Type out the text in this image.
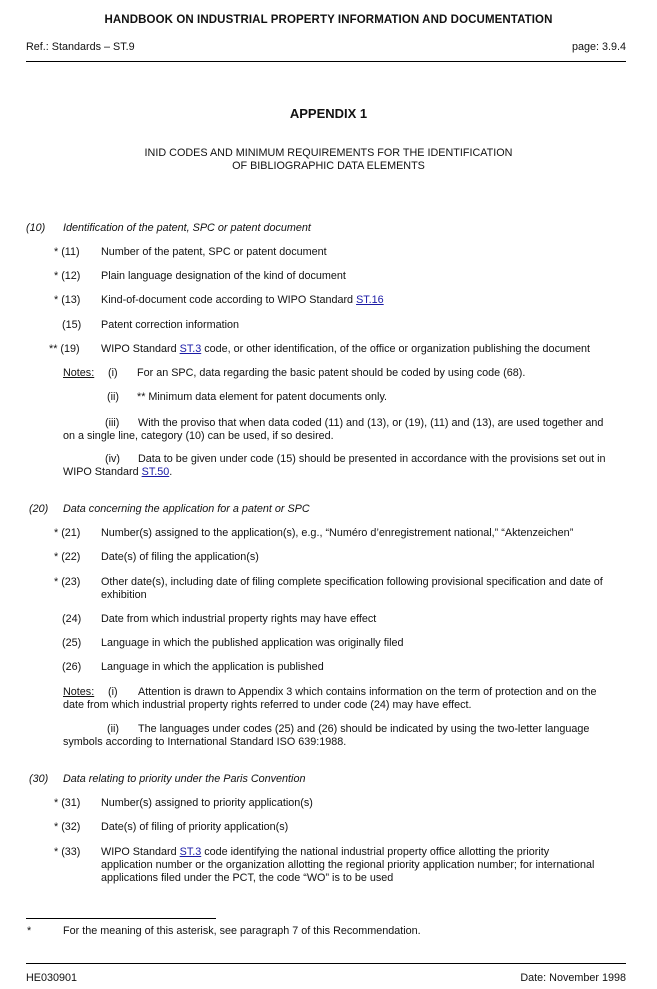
HANDBOOK ON INDUSTRIAL PROPERTY INFORMATION AND DOCUMENTATION
Ref.: Standards – ST.9	page: 3.9.4
APPENDIX 1
INID CODES AND MINIMUM REQUIREMENTS FOR THE IDENTIFICATION
OF BIBLIOGRAPHIC DATA ELEMENTS
(10) Identification of the patent, SPC or patent document
* (11) Number of the patent, SPC or patent document
* (12) Plain language designation of the kind of document
* (13) Kind-of-document code according to WIPO Standard ST.16
(15) Patent correction information
** (19) WIPO Standard ST.3 code, or other identification, of the office or organization publishing the document
Notes: (i) For an SPC, data regarding the basic patent should be coded by using code (68).
(ii) ** Minimum data element for patent documents only.
(iii) With the proviso that when data coded (11) and (13), or (19), (11) and (13), are used together and
on a single line, category (10) can be used, if so desired.
(iv) Data to be given under code (15) should be presented in accordance with the provisions set out in
WIPO Standard ST.50.
(20) Data concerning the application for a patent or SPC
* (21) Number(s) assigned to the application(s), e.g., “Numéro d’enregistrement national,” “Aktenzeichen”
* (22) Date(s) of filing the application(s)
* (23) Other date(s), including date of filing complete specification following provisional specification and date of
exhibition
(24) Date from which industrial property rights may have effect
(25) Language in which the published application was originally filed
(26) Language in which the application is published
Notes: (i) Attention is drawn to Appendix 3 which contains information on the term of protection and on the
date from which industrial property rights referred to under code (24) may have effect.
(ii) The languages under codes (25) and (26) should be indicated by using the two-letter language
symbols according to International Standard ISO 639:1988.
(30) Data relating to priority under the Paris Convention
* (31) Number(s) assigned to priority application(s)
* (32) Date(s) of filing of priority application(s)
* (33) WIPO Standard ST.3 code identifying the national industrial property office allotting the priority
application number or the organization allotting the regional priority application number; for international
applications filed under the PCT, the code “WO” is to be used
*	For the meaning of this asterisk, see paragraph 7 of this Recommendation.
HE030901	Date: November 1998
